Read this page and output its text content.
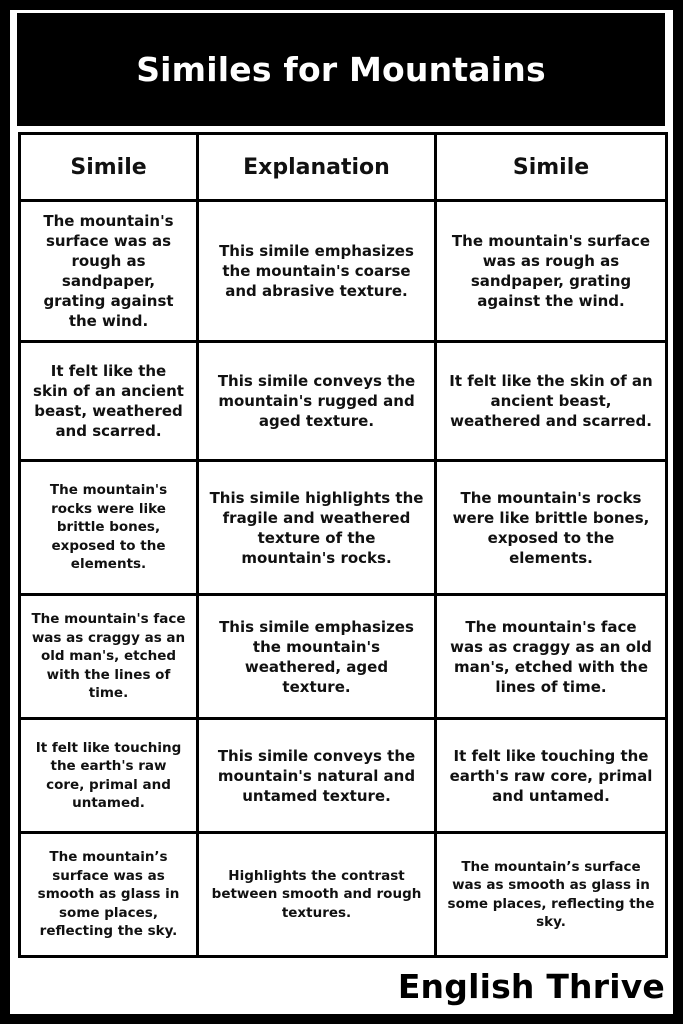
Similes for Mountains
Simile	Explanation	Simile
The mountain's surface was as rough as sandpaper, grating against the wind.	This simile emphasizes the mountain's coarse and abrasive texture.	The mountain's surface was as rough as sandpaper, grating against the wind.
It felt like the skin of an ancient beast, weathered and scarred.	This simile conveys the mountain's rugged and aged texture.	It felt like the skin of an ancient beast, weathered and scarred.
The mountain's rocks were like brittle bones, exposed to the elements.	This simile highlights the fragile and weathered texture of the mountain's rocks.	The mountain's rocks were like brittle bones, exposed to the elements.
The mountain's face was as craggy as an old man's, etched with the lines of time.	This simile emphasizes the mountain's weathered, aged texture.	The mountain's face was as craggy as an old man's, etched with the lines of time.
It felt like touching the earth's raw core, primal and untamed.	This simile conveys the mountain's natural and untamed texture.	It felt like touching the earth's raw core, primal and untamed.
The mountain’s surface was as smooth as glass in some places, reflecting the sky.	Highlights the contrast between smooth and rough textures.	The mountain’s surface was as smooth as glass in some places, reflecting the sky.
English Thrive
